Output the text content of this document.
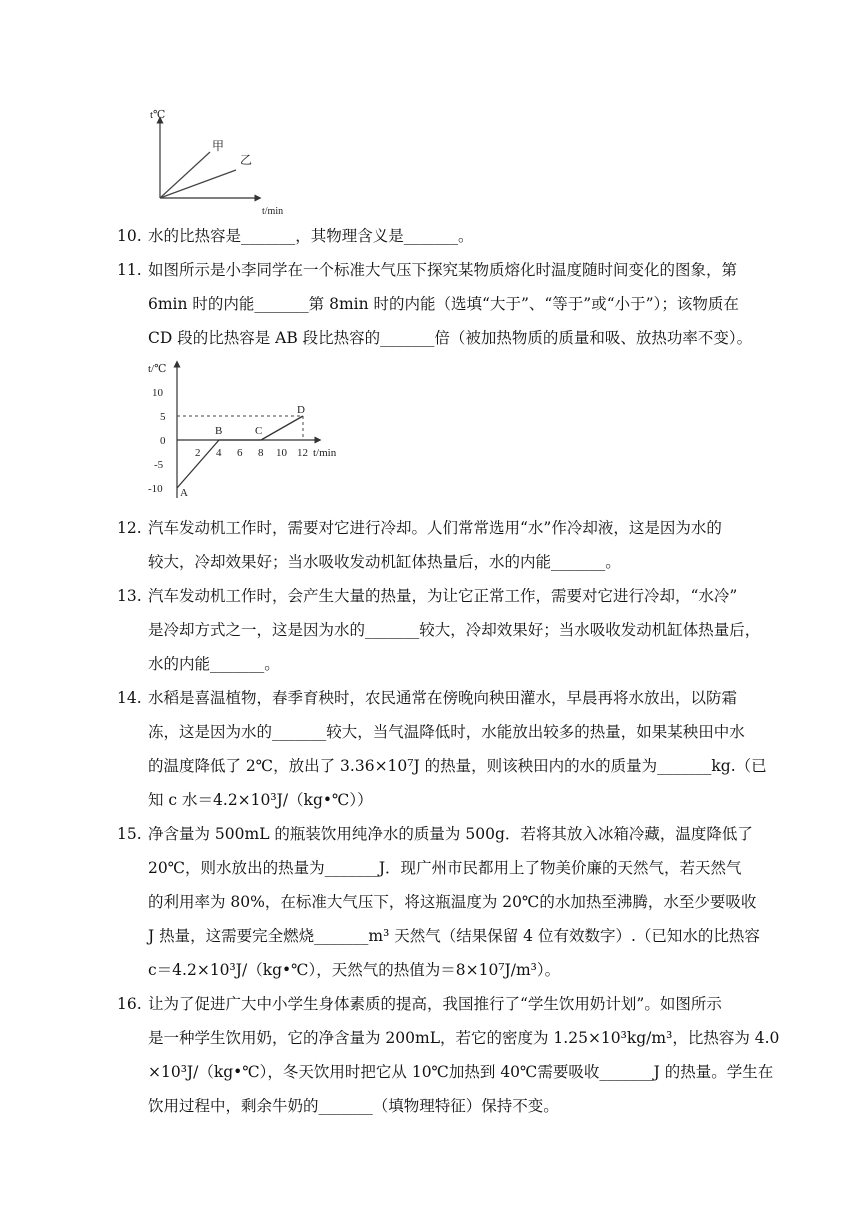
t℃
t/min
甲
乙
10. 水的比热容是_______，其物理含义是_______。
11. 如图所示是小李同学在一个标准大气压下探究某物质熔化时温度随时间变化的图象，第
6min 时的内能_______第 8min 时的内能（选填“大于”、“等于”或“小于”）；该物质在
CD 段的比热容是 AB 段比热容的_______倍（被加热物质的质量和吸、放热功率不变）。
t/℃
10
5
0
-5
-10
2 4 6 8 10 12 t/min
A
B	C
D
12. 汽车发动机工作时，需要对它进行冷却。人们常常选用“水”作冷却液，这是因为水的
较大，冷却效果好；当水吸收发动机缸体热量后，水的内能_______。
13. 汽车发动机工作时，会产生大量的热量，为让它正常工作，需要对它进行冷却，“水冷”
是冷却方式之一，这是因为水的_______较大，冷却效果好；当水吸收发动机缸体热量后，
水的内能_______。
14. 水稻是喜温植物，春季育秧时，农民通常在傍晚向秧田灌水，早晨再将水放出，以防霜
冻，这是因为水的_______较大，当气温降低时，水能放出较多的热量，如果某秧田中水
的温度降低了 2℃，放出了 3.36×10⁷J 的热量，则该秧田内的水的质量为_______kg.（已
知 c 水＝4.2×10³J/（kg•℃））
15. 净含量为 500mL 的瓶装饮用纯净水的质量为 500g．若将其放入冰箱冷藏，温度降低了
20℃，则水放出的热量为_______J．现广州市民都用上了物美价廉的天然气，若天然气
的利用率为 80%，在标准大气压下，将这瓶温度为 20℃的水加热至沸腾，水至少要吸收
J 热量，这需要完全燃烧_______m³ 天然气（结果保留 4 位有效数字）.（已知水的比热容
c＝4.2×10³J/（kg•℃），天然气的热值为＝8×10⁷J/m³）。
16. 让为了促进广大中小学生身体素质的提高，我国推行了“学生饮用奶计划”。如图所示
是一种学生饮用奶，它的净含量为 200mL，若它的密度为 1.25×10³kg/m³，比热容为 4.0
×10³J/（kg•℃），冬天饮用时把它从 10℃加热到 40℃需要吸收_______J 的热量。学生在
饮用过程中，剩余牛奶的_______（填物理特征）保持不变。
